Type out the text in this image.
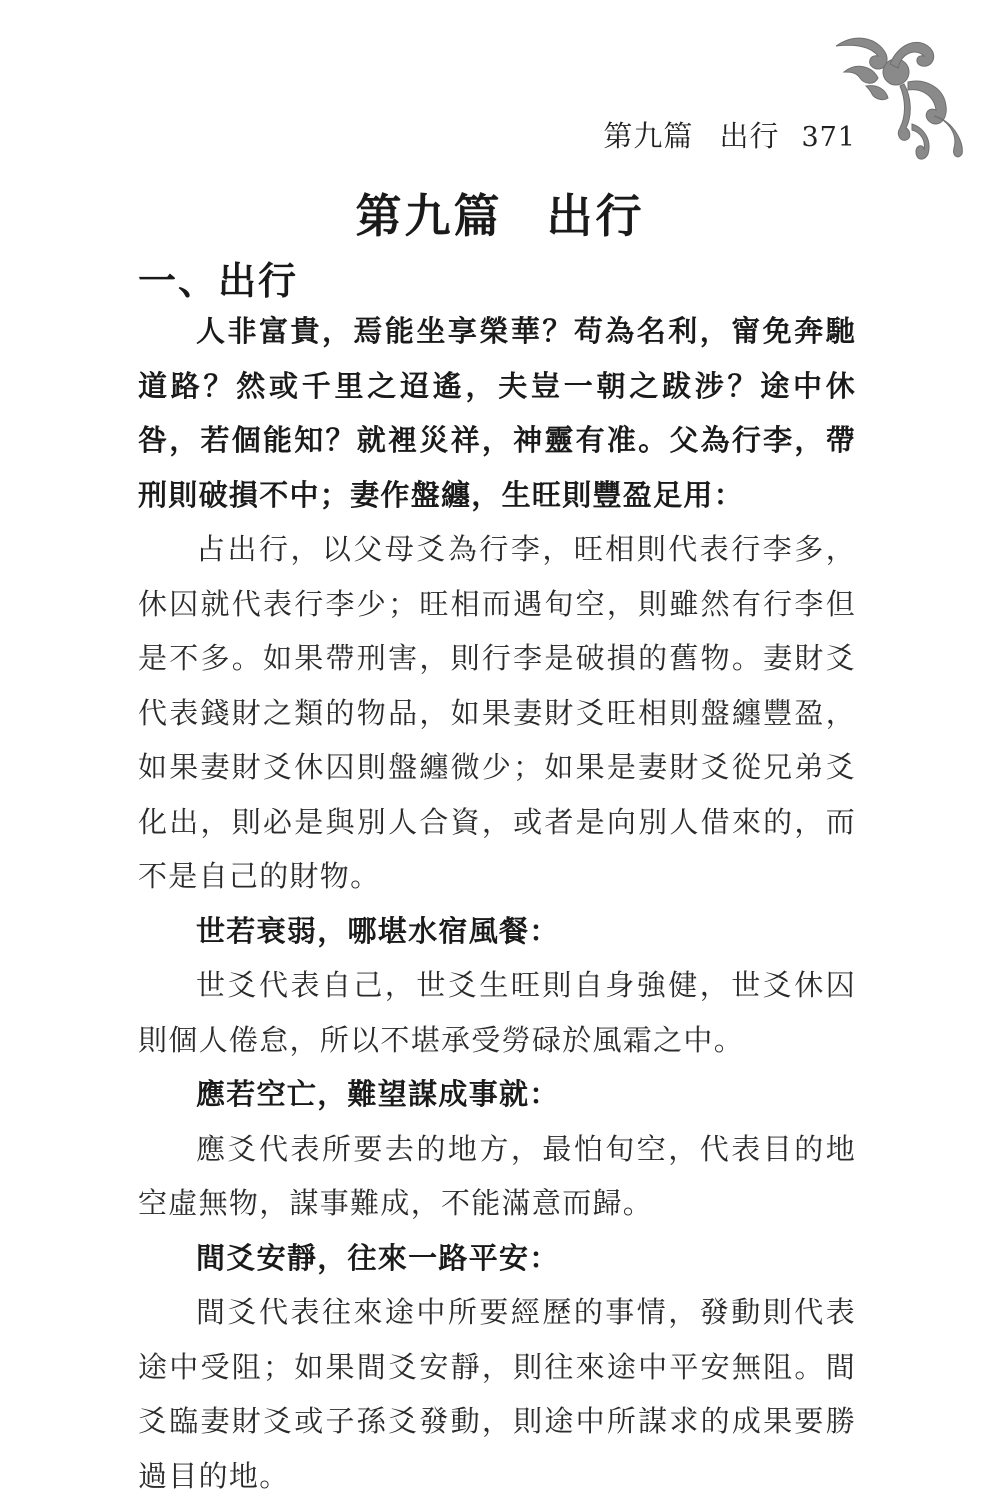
第九篇 出行 371
第九篇 出行
一、出行

人非富貴，焉能坐享榮華？苟為名利，甯免奔馳道路？然或千里之迢遙，夫豈一朝之跋涉？途中休咎，若個能知？就裡災祥，神靈有准。父為行李，帶刑則破損不中；妻作盤纏，生旺則豐盈足用：

占出行，以父母爻為行李，旺相則代表行李多，休囚就代表行李少；旺相而遇旬空，則雖然有行李但是不多。如果帶刑害，則行李是破損的舊物。妻財爻代表錢財之類的物品，如果妻財爻旺相則盤纏豐盈，如果妻財爻休囚則盤纏微少；如果是妻財爻從兄弟爻化出，則必是與別人合資，或者是向別人借來的，而不是自己的財物。

世若衰弱，哪堪水宿風餐：

世爻代表自己，世爻生旺則自身強健，世爻休囚則個人倦怠，所以不堪承受勞碌於風霜之中。

應若空亡，難望謀成事就：

應爻代表所要去的地方，最怕旬空，代表目的地空虛無物，謀事難成，不能滿意而歸。

間爻安靜，往來一路平安：

間爻代表往來途中所要經歷的事情，發動則代表途中受阻；如果間爻安靜，則往來途中平安無阻。間爻臨妻財爻或子孫爻發動，則途中所謀求的成果要勝過目的地。
